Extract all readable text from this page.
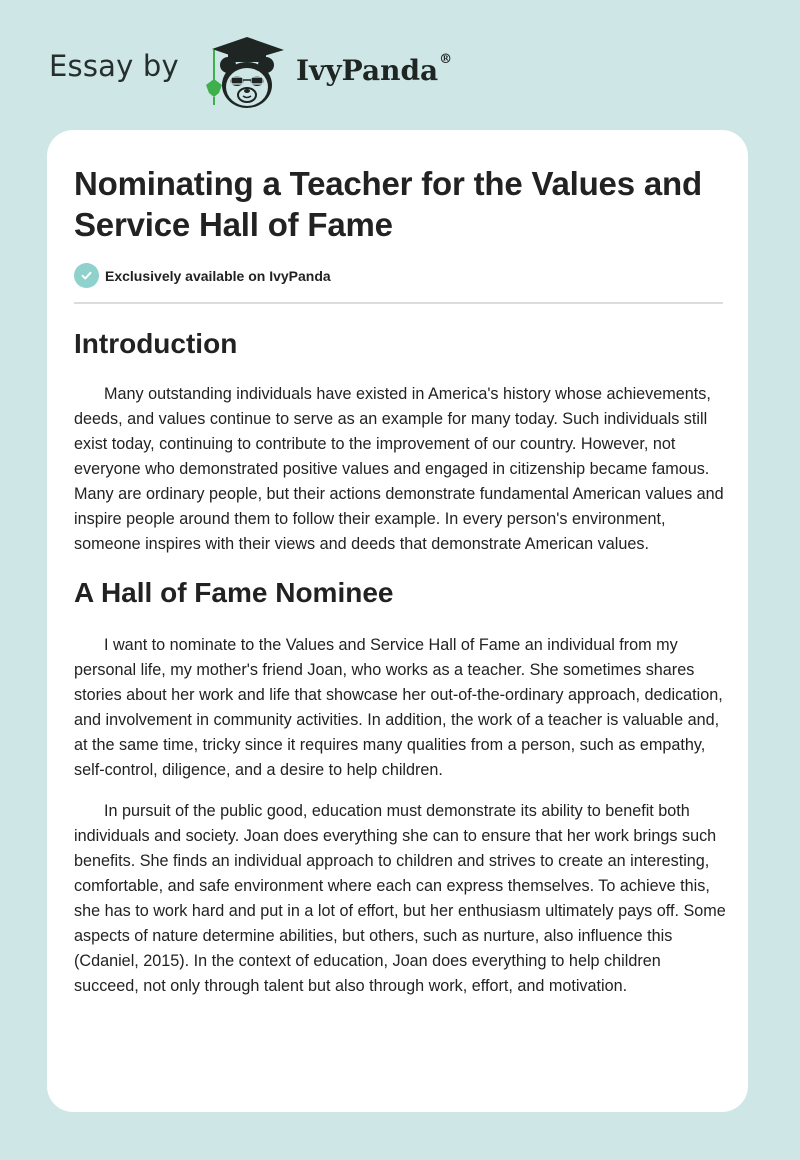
Essay by	IvyPanda®
Nominating a Teacher for the Values and Service Hall of Fame
Exclusively available on IvyPanda
Introduction

Many outstanding individuals have existed in America's history whose achievements, deeds, and values continue to serve as an example for many today. Such individuals still exist today, continuing to contribute to the improvement of our country. However, not everyone who demonstrated positive values and engaged in citizenship became famous. Many are ordinary people, but their actions demonstrate fundamental American values and inspire people around them to follow their example. In every person's environment, someone inspires with their views and deeds that demonstrate American values.

A Hall of Fame Nominee

I want to nominate to the Values and Service Hall of Fame an individual from my personal life, my mother's friend Joan, who works as a teacher. She sometimes shares stories about her work and life that showcase her out-of-the-ordinary approach, dedication, and involvement in community activities. In addition, the work of a teacher is valuable and, at the same time, tricky since it requires many qualities from a person, such as empathy, self-control, diligence, and a desire to help children.

In pursuit of the public good, education must demonstrate its ability to benefit both individuals and society. Joan does everything she can to ensure that her work brings such benefits. She finds an individual approach to children and strives to create an interesting, comfortable, and safe environment where each can express themselves. To achieve this, she has to work hard and put in a lot of effort, but her enthusiasm ultimately pays off. Some aspects of nature determine abilities, but others, such as nurture, also influence this (Cdaniel, 2015). In the context of education, Joan does everything to help children succeed, not only through talent but also through work, effort, and motivation.
